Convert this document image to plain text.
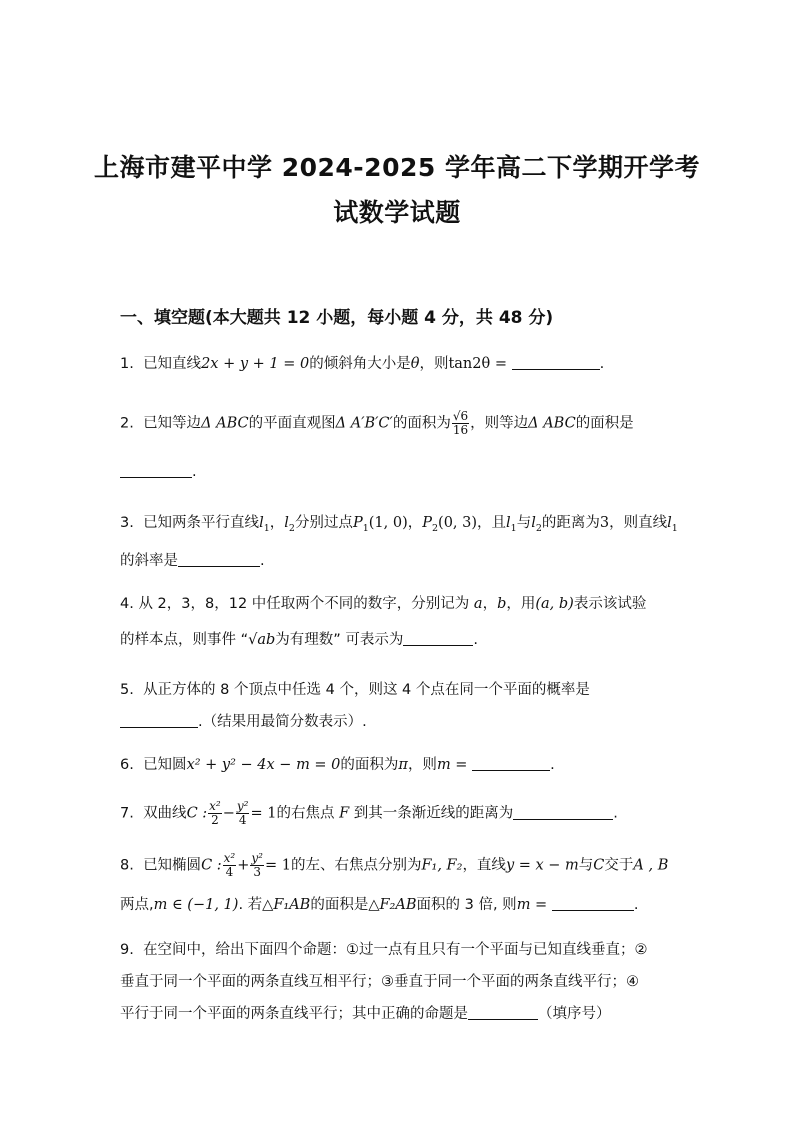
上海市建平中学 2024-2025 学年高二下学期开学考
试数学试题
一、填空题(本大题共 12 小题，每小题 4 分，共 48 分)
1. 已知直线2x + y + 1 = 0的倾斜角大小是θ，则tan2θ =	.
2. 已知等边Δ ABC的平面直观图Δ A′B′C′的面积为 $\frac{√6}{16}$ ，则等边Δ ABC的面积是
.
3. 已知两条平行直线$l_1$，$l_2$分别过点$P_1(1$, 0)，$P_2(0$, 3)，且$l_1$与$l_2$的距离为3，则直线$l_1$
的斜率是	.
4. 从 2，3，8，12 中任取两个不同的数字，分别记为 a，b，用(a, b)表示该试验
的样本点，则事件 “√ab为有理数” 可表示为	.
5. 从正方体的 8 个顶点中任选 4 个，则这 4 个点在同一个平面的概率是
.（结果用最简分数表示）.
6. 已知圆x² + y² − 4x − m = 0的面积为π，则m =	.
7. 双曲线C : $\frac{\text{x²}}{2} - \frac{\text{y²}}{4} = 1$的右焦点 F 到其一条渐近线的距离为	.
8. 已知椭圆C : $\frac{\text{x²}}{4} + \frac{\text{y²}}{3} = 1$的左、右焦点分别为F₁, F₂，直线y = x − m与C交于A , B
两点,m ∈ (−1, 1). 若△F₁AB的面积是△F₂AB面积的 3 倍, 则m =	.
9. 在空间中，给出下面四个命题：①过一点有且只有一个平面与已知直线垂直；②
垂直于同一个平面的两条直线互相平行；③垂直于同一个平面的两条直线平行；④
平行于同一个平面的两条直线平行；其中正确的命题是	（填序号）
